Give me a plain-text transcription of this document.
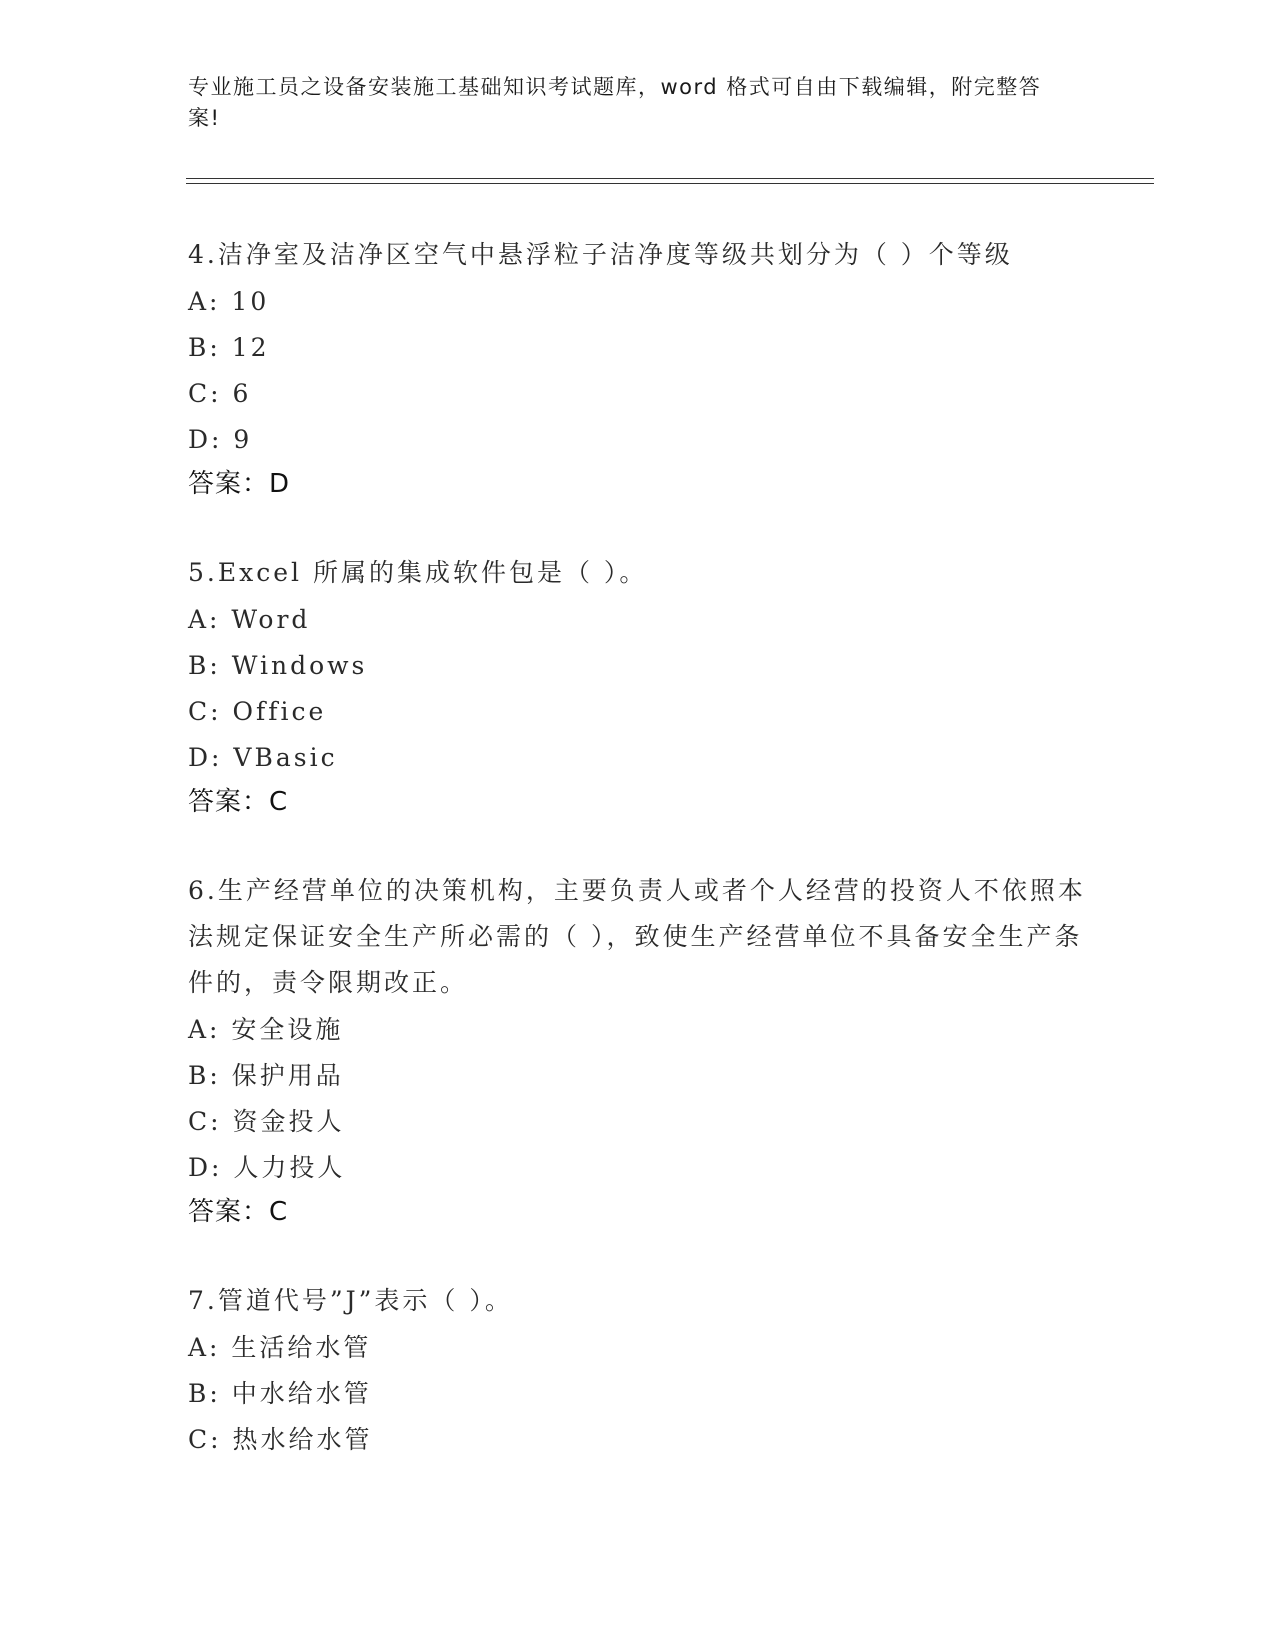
专业施工员之设备安装施工基础知识考试题库，word 格式可自由下载编辑，附完整答案!
4.洁净室及洁净区空气中悬浮粒子洁净度等级共划分为（ ）个等级
A: 10
B: 12
C: 6
D: 9
答案：D
5.Excel 所属的集成软件包是（ ）。
A: Word
B: Windows
C: Office
D: VBasic
答案：C
6.生产经营单位的决策机构，主要负责人或者个人经营的投资人不依照本法规定保证安全生产所必需的（ ），致使生产经营单位不具备安全生产条件的，责令限期改正。
A: 安全设施
B: 保护用品
C: 资金投人
D: 人力投人
答案：C
7.管道代号”J”表示（ ）。
A: 生活给水管
B: 中水给水管
C: 热水给水管
